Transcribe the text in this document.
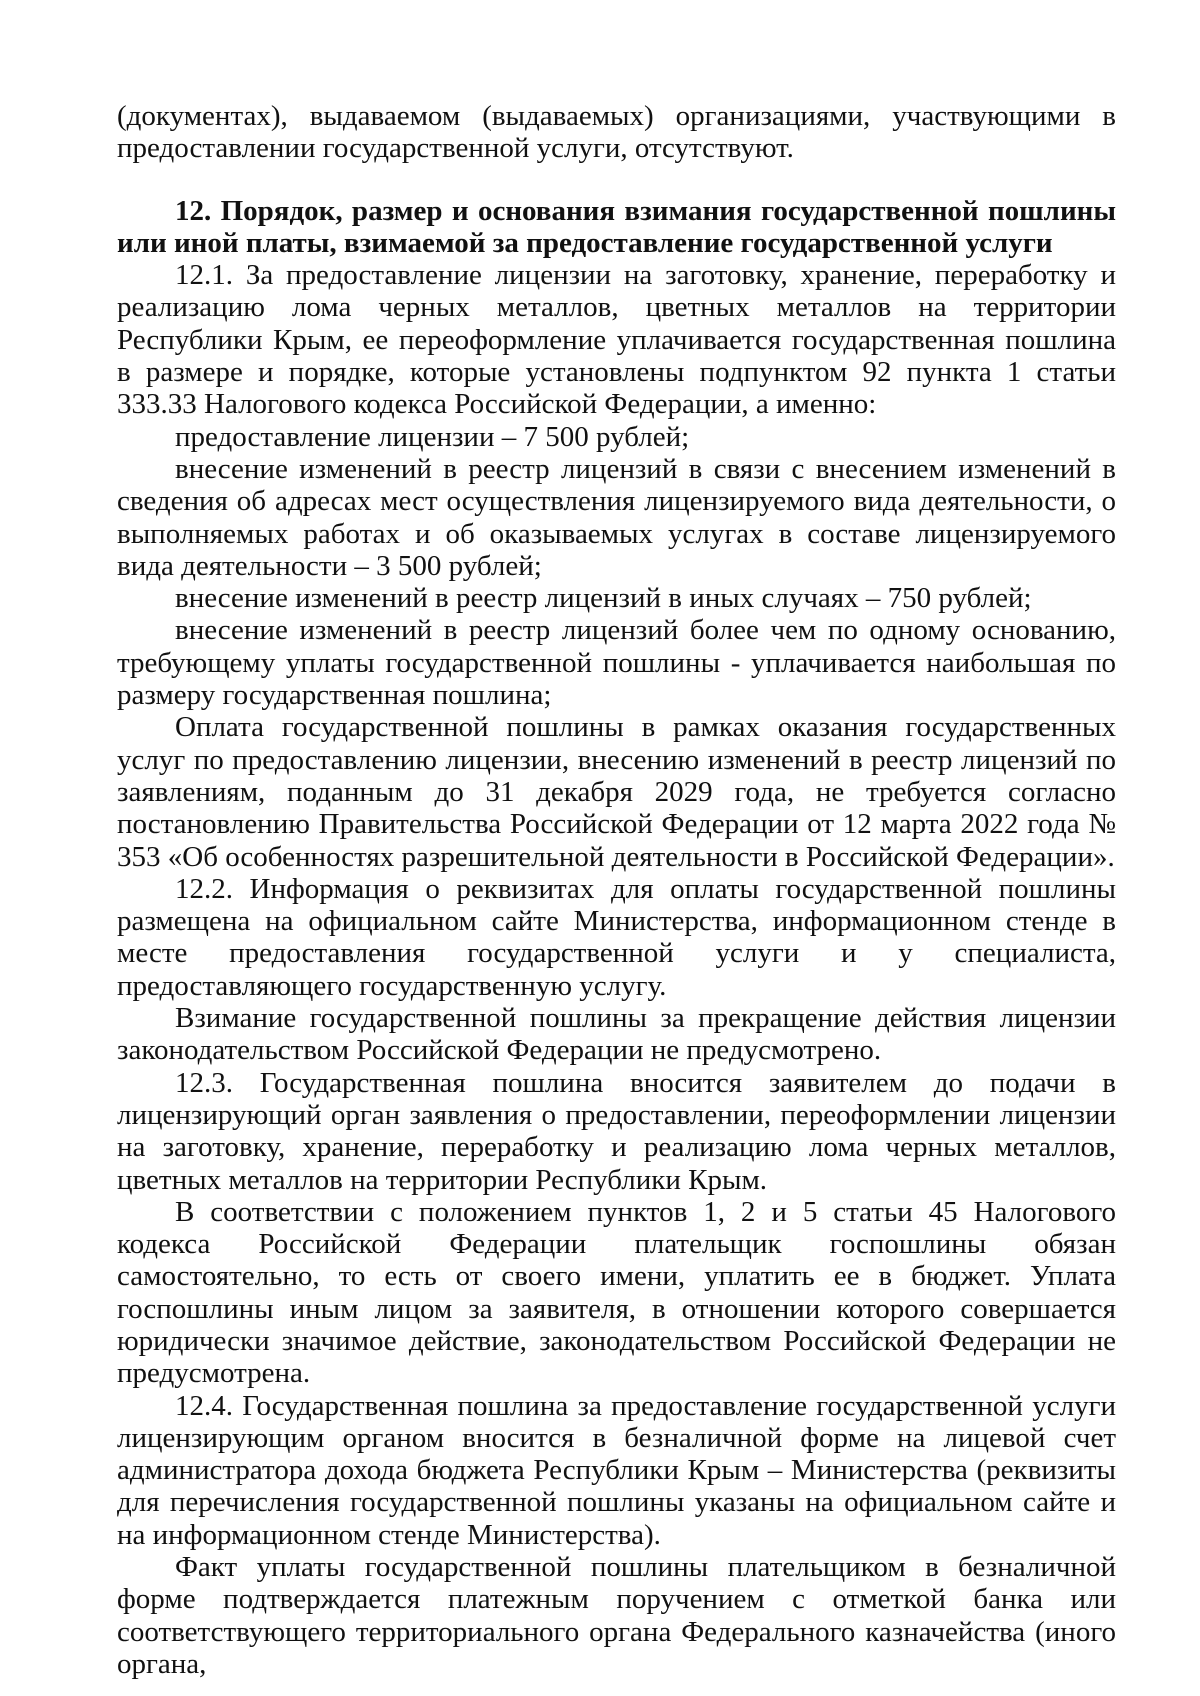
(документах), выдаваемом (выдаваемых) организациями, участвующими в предоставлении государственной услуги, отсутствуют.

12. Порядок, размер и основания взимания государственной пошлины или иной платы, взимаемой за предоставление государственной услуги

12.1. За предоставление лицензии на заготовку, хранение, переработку и реализацию лома черных металлов, цветных металлов на территории Республики Крым, ее переоформление уплачивается государственная пошлина в размере и порядке, которые установлены подпунктом 92 пункта 1 статьи 333.33 Налогового кодекса Российской Федерации, а именно:

предоставление лицензии – 7 500 рублей;

внесение изменений в реестр лицензий в связи с внесением изменений в сведения об адресах мест осуществления лицензируемого вида деятельности, о выполняемых работах и об оказываемых услугах в составе лицензируемого вида деятельности – 3 500 рублей;

внесение изменений в реестр лицензий в иных случаях – 750 рублей;

внесение изменений в реестр лицензий более чем по одному основанию, требующему уплаты государственной пошлины - уплачивается наибольшая по размеру государственная пошлина;

Оплата государственной пошлины в рамках оказания государственных услуг по предоставлению лицензии, внесению изменений в реестр лицензий по заявлениям, поданным до 31 декабря 2029 года, не требуется согласно постановлению Правительства Российской Федерации от 12 марта 2022 года № 353 «Об особенностях разрешительной деятельности в Российской Федерации».

12.2. Информация о реквизитах для оплаты государственной пошлины размещена на официальном сайте Министерства, информационном стенде в месте предоставления государственной услуги и у специалиста, предоставляющего государственную услугу.

Взимание государственной пошлины за прекращение действия лицензии законодательством Российской Федерации не предусмотрено.

12.3. Государственная пошлина вносится заявителем до подачи в лицензирующий орган заявления о предоставлении, переоформлении лицензии на заготовку, хранение, переработку и реализацию лома черных металлов, цветных металлов на территории Республики Крым.

В соответствии с положением пунктов 1, 2 и 5 статьи 45 Налогового кодекса Российской Федерации плательщик госпошлины обязан самостоятельно, то есть от своего имени, уплатить ее в бюджет. Уплата госпошлины иным лицом за заявителя, в отношении которого совершается юридически значимое действие, законодательством Российской Федерации не предусмотрена.

12.4. Государственная пошлина за предоставление государственной услуги лицензирующим органом вносится в безналичной форме на лицевой счет администратора дохода бюджета Республики Крым – Министерства (реквизиты для перечисления государственной пошлины указаны на официальном сайте и на информационном стенде Министерства).

Факт уплаты государственной пошлины плательщиком в безналичной форме подтверждается платежным поручением с отметкой банка или соответствующего территориального органа Федерального казначейства (иного органа,
